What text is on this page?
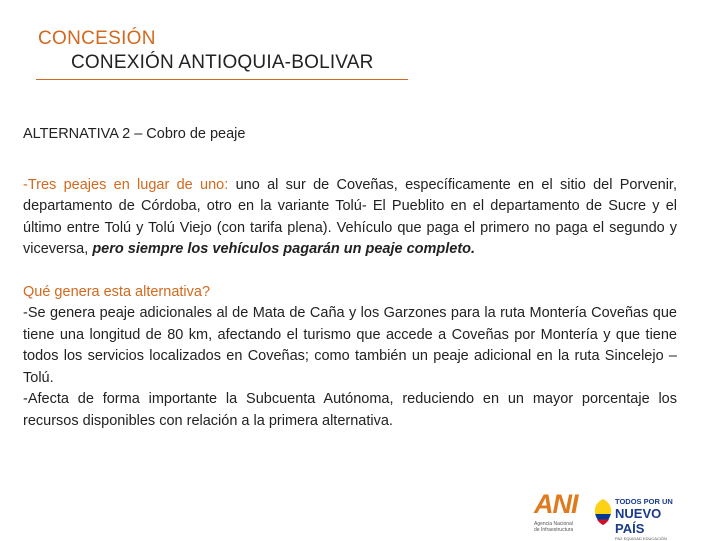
CONCESIÓN
CONEXIÓN ANTIOQUIA-BOLIVAR

ALTERNATIVA 2 – Cobro de peaje

-Tres peajes en lugar de uno: uno al sur de Coveñas, específicamente en el sitio del Porvenir, departamento de Córdoba, otro en la variante Tolú- El Pueblito en el departamento de Sucre y el último entre Tolú y Tolú Viejo (con tarifa plena). Vehículo que paga el primero no paga el segundo y viceversa, pero siempre los vehículos pagarán un peaje completo.

Qué genera esta alternativa?

-Se genera peaje adicionales al de Mata de Caña y los Garzones para la ruta Montería Coveñas que tiene una longitud de 80 km, afectando el turismo que accede a Coveñas por Montería y que tiene todos los servicios localizados en Coveñas; como también un peaje adicional en la ruta Sincelejo – Tolú.

-Afecta de forma importante la Subcuenta Autónoma, reduciendo en un mayor porcentaje los recursos disponibles con relación a la primera alternativa.

ANI
Agencia Nacional de Infraestructura
TODOS POR UN
NUEVO PAÍS
PAZ EQUIDAD EDUCACIÓN
